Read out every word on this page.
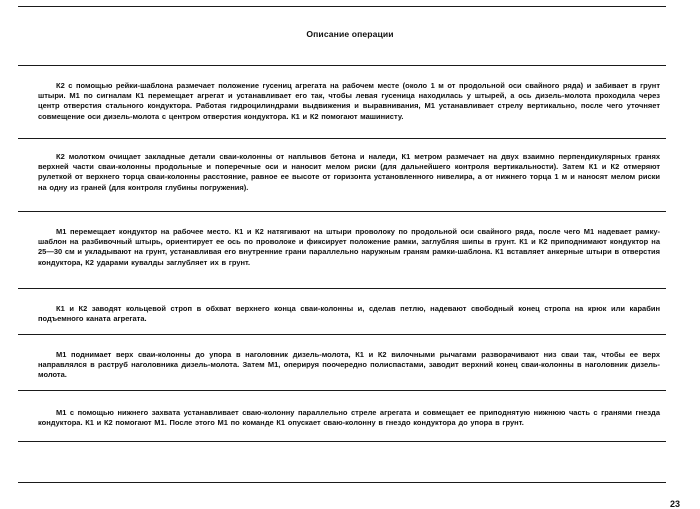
Описание операции
К2 с помощью рейки-шаблона размечает положение гусениц агрегата на рабочем месте (около 1 м от продольной оси свайного ряда) и забивает в грунт штыри. М1 по сигналам К1 перемещает агрегат и устанавливает его так, чтобы левая гусеница находилась у штырей, а ось дизель-молота проходила через центр отверстия стального кондуктора. Работая гидроцилиндрами выдвижения и выравнивания, М1 устанавливает стрелу вертикально, после чего уточняет совмещение оси дизель-молота с центром отверстия кондуктора. К1 и К2 помогают машинисту.
К2 молотком очищает закладные детали сваи-колонны от наплывов бетона и наледи, К1 метром размечает на двух взаимно перпендикулярных гранях верхней части сваи-колонны продольные и поперечные оси и наносит мелом риски (для дальнейшего контроля вертикальности). Затем К1 и К2 отмеряют рулеткой от верхнего торца сваи-колонны расстояние, равное ее высоте от горизонта установленного нивелира, а от нижнего торца 1 м и наносят мелом риски на одну из граней (для контроля глубины погружения).
М1 перемещает кондуктор на рабочее место. К1 и К2 натягивают на штыри проволоку по продольной оси свайного ряда, после чего М1 надевает рамку-шаблон на разбивочный штырь, ориентирует ее ось по проволоке и фиксирует положение рамки, заглубляя шипы в грунт. К1 и К2 приподнимают кондуктор на 25—30 см и укладывают на грунт, устанавливая его внутренние грани параллельно наружным граням рамки-шаблона. К1 вставляет анкерные штыри в отверстия кондуктора, К2 ударами кувалды заглубляет их в грунт.
К1 и К2 заводят кольцевой строп в обхват верхнего конца сваи-колонны и, сделав петлю, надевают свободный конец стропа на крюк или карабин подъемного каната агрегата.
М1 поднимает верх сваи-колонны до упора в наголовник дизель-молота, К1 и К2 вилочными рычагами разворачивают низ сваи так, чтобы ее верх направлялся в раструб наголовника дизель-молота. Затем М1, оперируя поочередно полиспастами, заводит верхний конец сваи-колонны в наголовник дизель-молота.
М1 с помощью нижнего захвата устанавливает сваю-колонну параллельно стреле агрегата и совмещает ее приподнятую нижнюю часть с гранями гнезда кондуктора. К1 и К2 помогают М1. После этого М1 по команде К1 опускает сваю-колонну в гнездо кондуктора до упора в грунт.
23
